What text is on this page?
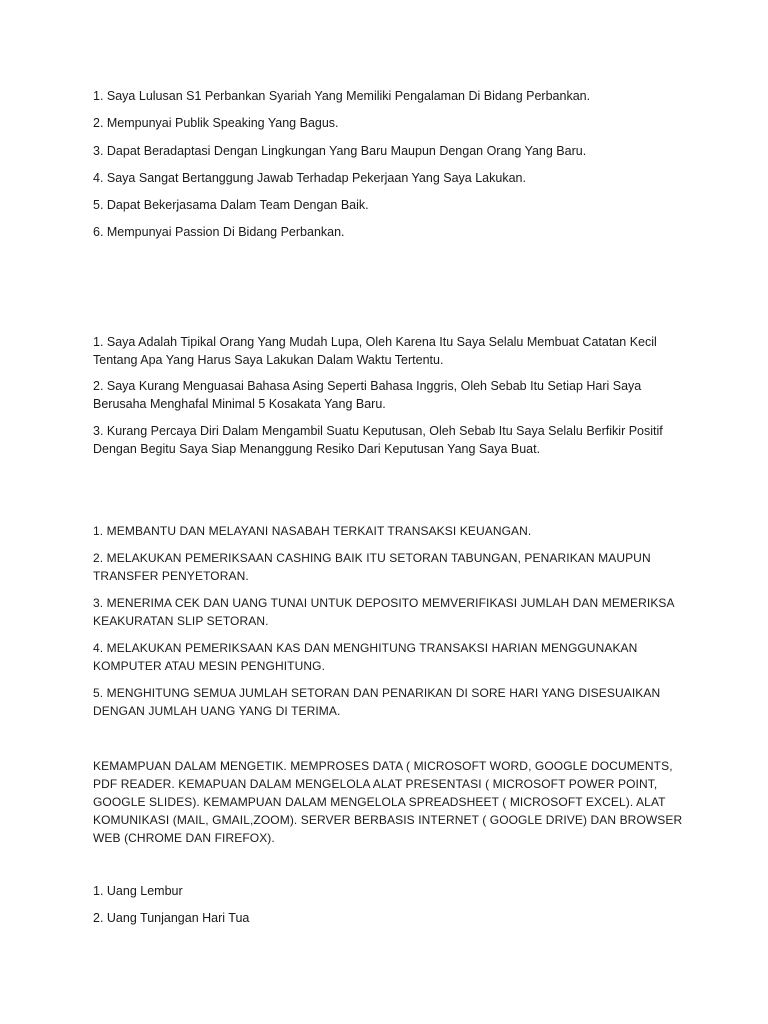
1. Saya Lulusan S1 Perbankan Syariah Yang Memiliki Pengalaman Di Bidang Perbankan.

2. Mempunyai Publik Speaking Yang Bagus.

3. Dapat Beradaptasi Dengan Lingkungan Yang Baru Maupun Dengan Orang Yang Baru.

4. Saya Sangat Bertanggung Jawab Terhadap Pekerjaan Yang Saya Lakukan.

5. Dapat Bekerjasama Dalam Team Dengan Baik.

6. Mempunyai Passion Di Bidang Perbankan.

1. Saya Adalah Tipikal Orang Yang Mudah Lupa, Oleh Karena Itu Saya Selalu Membuat Catatan Kecil Tentang Apa Yang Harus Saya Lakukan Dalam Waktu Tertentu.

2. Saya Kurang Menguasai Bahasa Asing Seperti Bahasa Inggris, Oleh Sebab Itu Setiap Hari Saya Berusaha Menghafal Minimal 5 Kosakata Yang Baru.

3. Kurang Percaya Diri Dalam Mengambil Suatu Keputusan, Oleh Sebab Itu Saya Selalu Berfikir Positif Dengan Begitu Saya Siap Menanggung Resiko Dari Keputusan Yang Saya Buat.

1. MEMBANTU DAN MELAYANI NASABAH TERKAIT TRANSAKSI KEUANGAN.

2. MELAKUKAN PEMERIKSAAN CASHING BAIK ITU SETORAN TABUNGAN, PENARIKAN MAUPUN TRANSFER PENYETORAN.

3. MENERIMA CEK DAN UANG TUNAI UNTUK DEPOSITO MEMVERIFIKASI JUMLAH DAN MEMERIKSA KEAKURATAN SLIP SETORAN.

4. MELAKUKAN PEMERIKSAAN KAS DAN MENGHITUNG TRANSAKSI HARIAN MENGGUNAKAN KOMPUTER ATAU MESIN PENGHITUNG.

5. MENGHITUNG SEMUA JUMLAH SETORAN DAN PENARIKAN DI SORE HARI YANG DISESUAIKAN DENGAN JUMLAH UANG YANG DI TERIMA.

KEMAMPUAN DALAM MENGETIK. MEMPROSES DATA ( MICROSOFT WORD, GOOGLE DOCUMENTS, PDF READER. KEMAPUAN DALAM MENGELOLA ALAT PRESENTASI ( MICROSOFT POWER POINT, GOOGLE SLIDES). KEMAMPUAN DALAM MENGELOLA SPREADSHEET ( MICROSOFT EXCEL). ALAT KOMUNIKASI (MAIL, GMAIL,ZOOM). SERVER BERBASIS INTERNET ( GOOGLE DRIVE) DAN BROWSER WEB (CHROME DAN FIREFOX).

1. Uang Lembur

2. Uang Tunjangan Hari Tua
